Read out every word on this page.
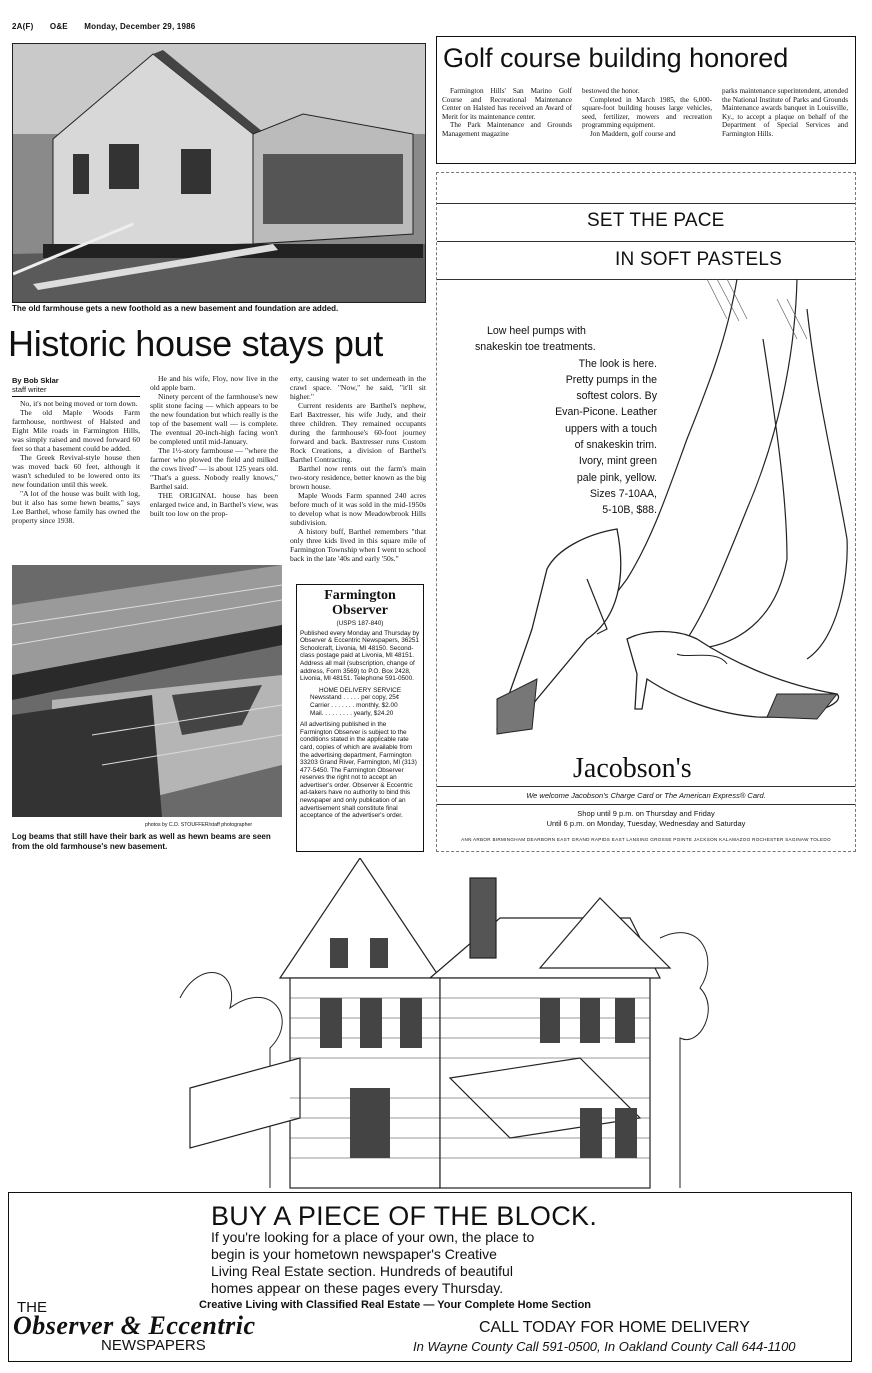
2A(F) O&E Monday, December 29, 1986
The old farmhouse gets a new foothold as a new basement and foundation are added.
Historic house stays put
By Bob Sklar
staff writer

No, it's not being moved or torn down.

The old Maple Woods Farm farmhouse, northwest of Halsted and Eight Mile roads in Farmington Hills, was simply raised and moved forward 60 feet so that a basement could be added.

The Greek Revival-style house then was moved back 60 feet, although it wasn't scheduled to be lowered onto its new foundation until this week.

"A lot of the house was built with log, but it also has some hewn beams," says Lee Barthel, whose family has owned the property since 1938.

He and his wife, Floy, now live in the old apple barn.

Ninety percent of the farmhouse's new split stone facing — which appears to be the new foundation but which really is the top of the basement wall — is complete. The eventual 20-inch-high facing won't be completed until mid-January.

The 1½-story farmhouse — "where the farmer who plowed the field and milked the cows lived" — is about 125 years old. "That's a guess. Nobody really knows," Barthel said.

THE ORIGINAL house has been enlarged twice and, in Barthel's view, was built too low on the prop-

erty, causing water to set underneath in the crawl space. "Now," he said, "it'll sit higher."

Current residents are Barthel's nephew, Earl Baxtresser, his wife Judy, and their three children. They remained occupants during the farmhouse's 60-foot journey forward and back. Baxtresser runs Custom Rock Creations, a division of Barthel's Barthel Contracting.

Barthel now rents out the farm's main two-story residence, better known as the big brown house.

Maple Woods Farm spanned 240 acres before much of it was sold in the mid-1950s to develop what is now Meadowbrook Hills subdivision.

A history buff, Barthel remembers "that only three kids lived in this square mile of Farmington Township when I went to school back in the late '40s and early '50s."

photos by C.D. STOUFFER/staff photographer
Log beams that still have their bark as well as hewn beams are seen from the old farmhouse's new basement.
Farmington
Observer
(USPS 187-840)

Published every Monday and Thursday by Observer & Eccentric Newspapers, 36251 Schoolcraft, Livonia, MI 48150. Second-class postage paid at Livonia, MI 48151. Address all mail (subscription, change of address, Form 3569) to P.O. Box 2428, Livonia, MI 48151. Telephone 591-0500.

HOME DELIVERY SERVICE
Newsstand . . . . . per copy, 25¢
Carrier . . . . . . . monthly, $2.00
Mail. . . . . . . . . yearly, $24.20

All advertising published in the Farmington Observer is subject to the conditions stated in the applicable rate card, copies of which are available from the advertising department, Farmington 33203 Grand River, Farmington, MI (313) 477-5450. The Farmington Observer reserves the right not to accept an advertiser's order. Observer & Eccentric ad-takers have no authority to bind this newspaper and only publication of an advertisement shall constitute final acceptance of the advertiser's order.

Golf course building honored

Farmington Hills' San Marino Golf Course and Recreational Maintenance Center on Halsted has received an Award of Merit for its maintenance center.

The Park Maintenance and Grounds Management magazine

bestowed the honor.

Completed in March 1985, the 6,000-square-foot building houses large vehicles, seed, fertilizer, mowers and recreation programming equipment.

Jon Maddern, golf course and

parks maintenance superintendent, attended the National Institute of Parks and Grounds Maintenance awards banquet in Louisville, Ky., to accept a plaque on behalf of the Department of Special Services and Farmington Hills.

SET THE PACE
IN SOFT PASTELS
Low heel pumps with
snakeskin toe treatments.
The look is here.
Pretty pumps in the
softest colors. By
Evan-Picone. Leather
uppers with a touch
of snakeskin trim.
Ivory, mint green
pale pink, yellow.
Sizes 7-10AA,
5-10B, $88.
Jacobson's
We welcome Jacobson's Charge Card or The American Express® Card.
Shop until 9 p.m. on Thursday and Friday
Until 6 p.m. on Monday, Tuesday, Wednesday and Saturday
ANN ARBOR BIRMINGHAM DEARBORN EAST GRAND RAPIDS EAST LANSING GROSSE POINTE JACKSON KALAMAZOO ROCHESTER SAGINAW TOLEDO
BUY A PIECE OF THE BLOCK.
If you're looking for a place of your own, the place to
begin is your hometown newspaper's Creative
Living Real Estate section. Hundreds of beautiful
homes appear on these pages every Thursday.
Creative Living with Classified Real Estate — Your Complete Home Section
THE
Observer & Eccentric
NEWSPAPERS
CALL TODAY FOR HOME DELIVERY
In Wayne County Call 591-0500, In Oakland County Call 644-1100
